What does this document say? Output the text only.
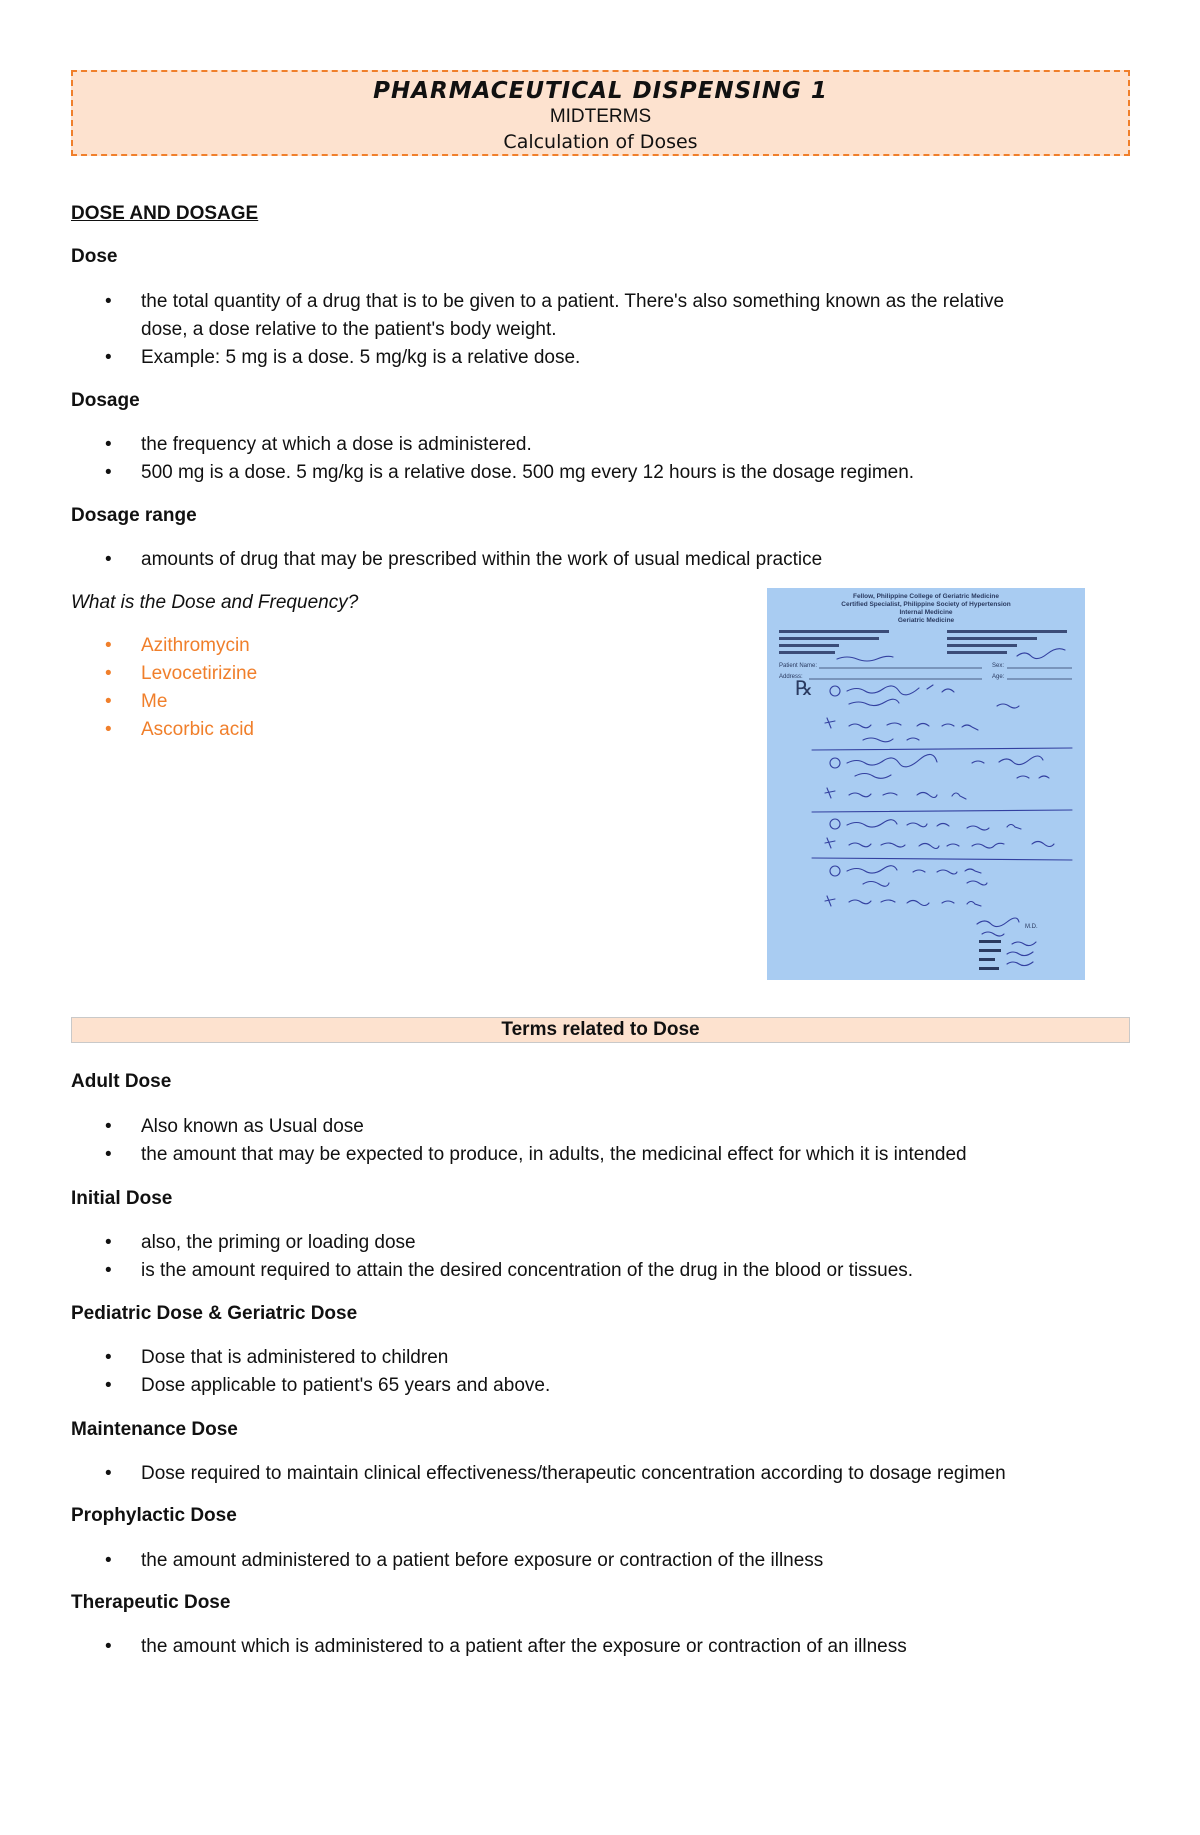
PHARMACEUTICAL DISPENSING 1
MIDTERMS
Calculation of Doses
DOSE AND DOSAGE
Dose
• the total quantity of a drug that is to be given to a patient. There's also something known as the relative
dose, a dose relative to the patient's body weight.
• Example: 5 mg is a dose. 5 mg/kg is a relative dose.
Dosage
• the frequency at which a dose is administered.
• 500 mg is a dose. 5 mg/kg is a relative dose. 500 mg every 12 hours is the dosage regimen.
Dosage range
• amounts of drug that may be prescribed within the work of usual medical practice
What is the Dose and Frequency?
• Azithromycin
• Levocetirizine
• Me
• Ascorbic acid
Fellow, Philippine College of Geriatric Medicine
Certified Specialist, Philippine Society of Hypertension
Internal Medicine
Geriatric Medicine
Patient Name:	Sex:
Address:	Age:
℞
M.D.
Terms related to Dose
Adult Dose
• Also known as Usual dose
• the amount that may be expected to produce, in adults, the medicinal effect for which it is intended
Initial Dose
• also, the priming or loading dose
• is the amount required to attain the desired concentration of the drug in the blood or tissues.
Pediatric Dose & Geriatric Dose
• Dose that is administered to children
• Dose applicable to patient's 65 years and above.
Maintenance Dose
• Dose required to maintain clinical effectiveness/therapeutic concentration according to dosage regimen
Prophylactic Dose
• the amount administered to a patient before exposure or contraction of the illness
Therapeutic Dose
• the amount which is administered to a patient after the exposure or contraction of an illness
